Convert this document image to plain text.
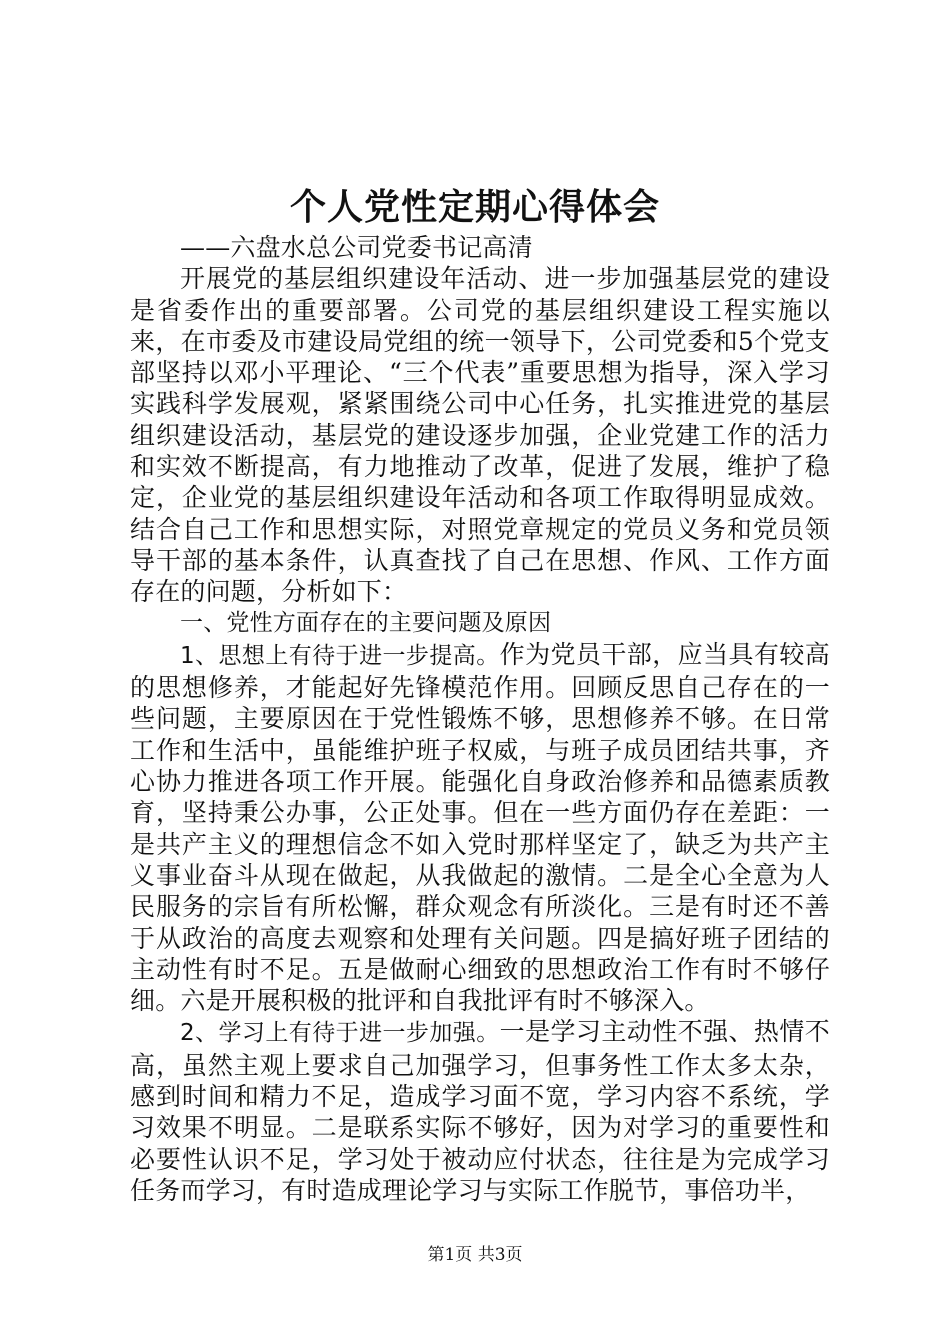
个人党性定期心得体会

——六盘水总公司党委书记高清

开展党的基层组织建设年活动、进一步加强基层党的建设是省委作出的重要部署。公司党的基层组织建设工程实施以来，在市委及市建设局党组的统一领导下，公司党委和5个党支部坚持以邓小平理论、“三个代表”重要思想为指导，深入学习实践科学发展观，紧紧围绕公司中心任务，扎实推进党的基层组织建设活动，基层党的建设逐步加强，企业党建工作的活力和实效不断提高，有力地推动了改革，促进了发展，维护了稳定，企业党的基层组织建设年活动和各项工作取得明显成效。结合自己工作和思想实际，对照党章规定的党员义务和党员领导干部的基本条件，认真查找了自己在思想、作风、工作方面存在的问题，分析如下：

一、党性方面存在的主要问题及原因

1、思想上有待于进一步提高。作为党员干部，应当具有较高的思想修养，才能起好先锋模范作用。回顾反思自己存在的一些问题，主要原因在于党性锻炼不够，思想修养不够。在日常工作和生活中，虽能维护班子权威，与班子成员团结共事，齐心协力推进各项工作开展。能强化自身政治修养和品德素质教育，坚持秉公办事，公正处事。但在一些方面仍存在差距：一是共产主义的理想信念不如入党时那样坚定了，缺乏为共产主义事业奋斗从现在做起，从我做起的激情。二是全心全意为人民服务的宗旨有所松懈，群众观念有所淡化。三是有时还不善于从政治的高度去观察和处理有关问题。四是搞好班子团结的主动性有时不足。五是做耐心细致的思想政治工作有时不够仔细。六是开展积极的批评和自我批评有时不够深入。

2、学习上有待于进一步加强。一是学习主动性不强、热情不高，虽然主观上要求自己加强学习，但事务性工作太多太杂，感到时间和精力不足，造成学习面不宽，学习内容不系统，学习效果不明显。二是联系实际不够好，因为对学习的重要性和必要性认识不足，学习处于被动应付状态，往往是为完成学习任务而学习，有时造成理论学习与实际工作脱节，事倍功半，

第1页 共3页
